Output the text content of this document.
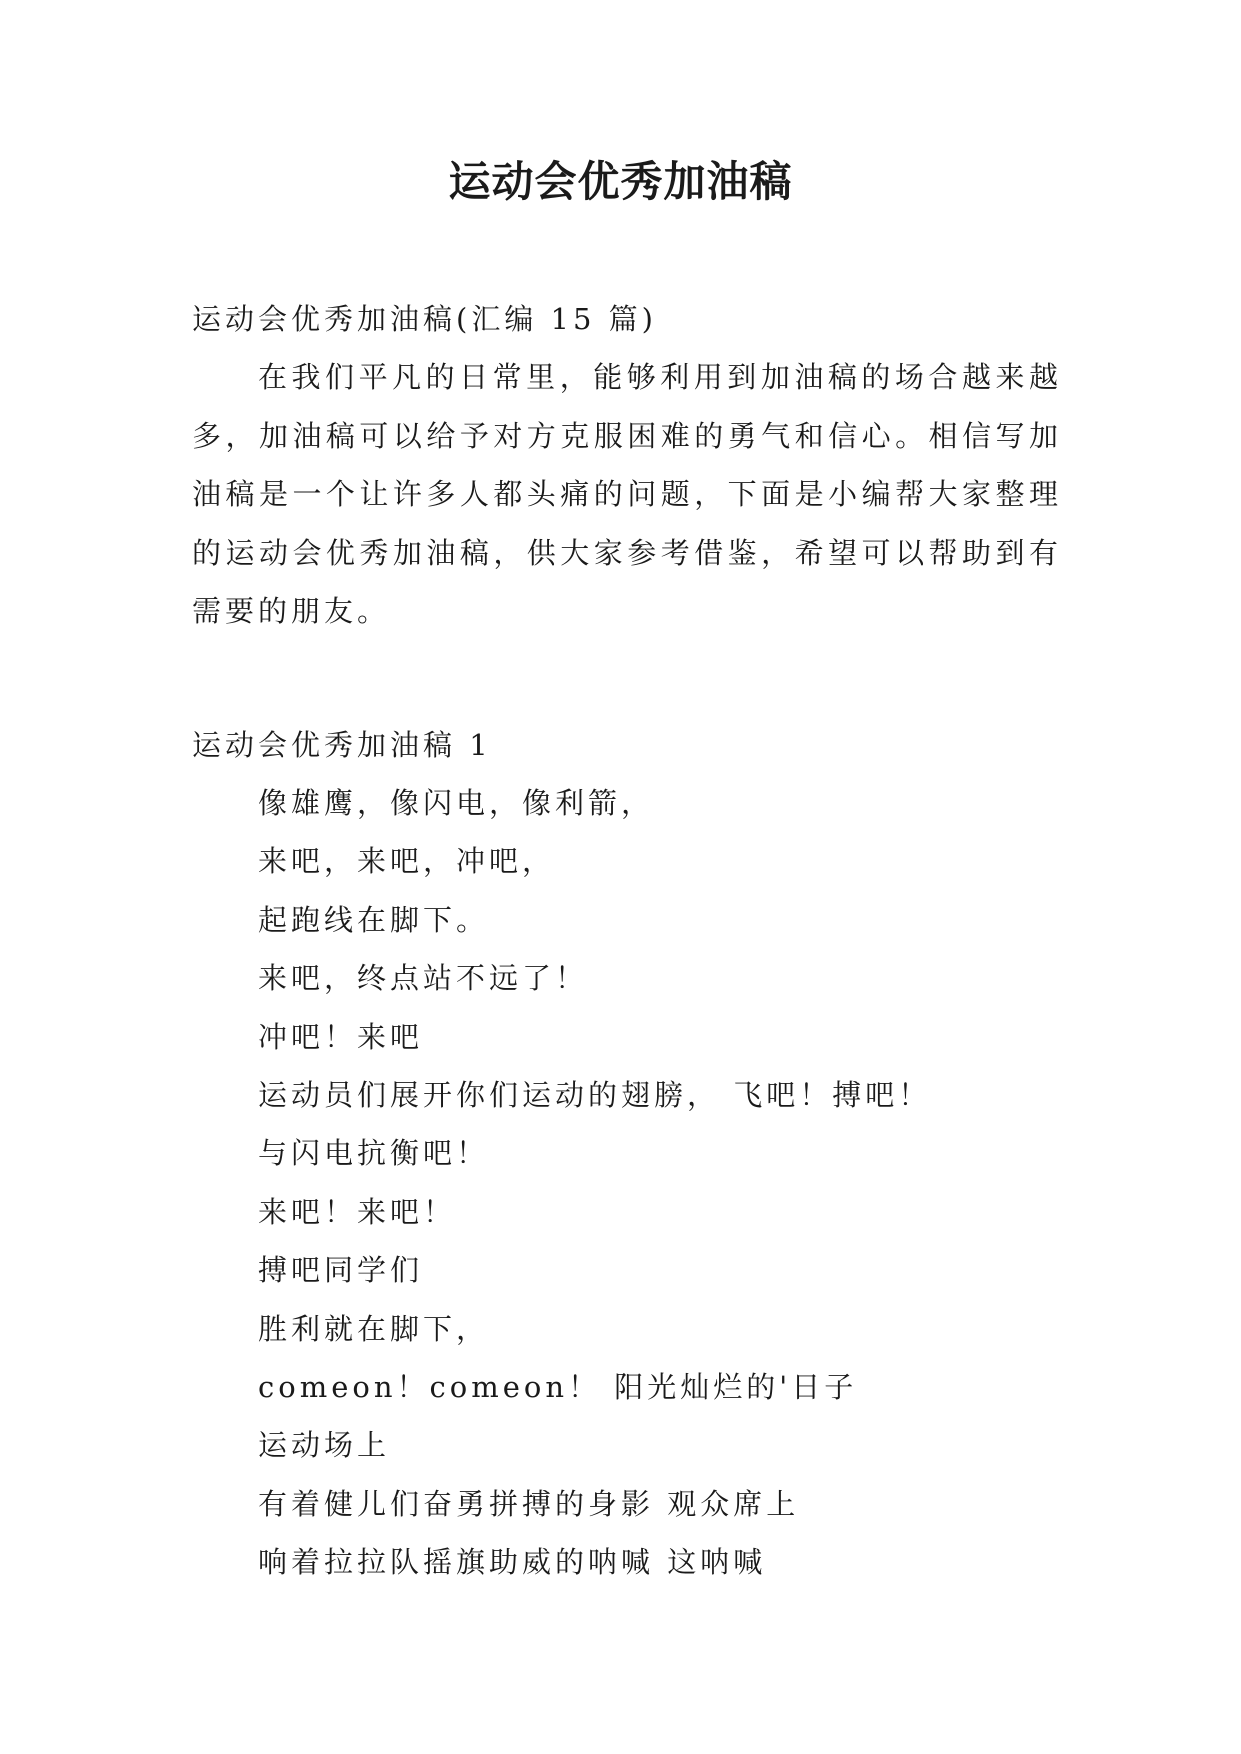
运动会优秀加油稿

运动会优秀加油稿(汇编 15 篇)

在我们平凡的日常里，能够利用到加油稿的场合越来越多，加油稿可以给予对方克服困难的勇气和信心。相信写加油稿是一个让许多人都头痛的问题，下面是小编帮大家整理的运动会优秀加油稿，供大家参考借鉴，希望可以帮助到有需要的朋友。

运动会优秀加油稿 1

像雄鹰，像闪电，像利箭，
来吧，来吧，冲吧，
起跑线在脚下。
来吧，终点站不远了！
冲吧！来吧
运动员们展开你们运动的翅膀， 飞吧！搏吧！
与闪电抗衡吧！
来吧！来吧！
搏吧同学们
胜利就在脚下，
comeon！comeon！ 阳光灿烂的'日子
运动场上
有着健儿们奋勇拼搏的身影 观众席上
响着拉拉队摇旗助威的呐喊 这呐喊
